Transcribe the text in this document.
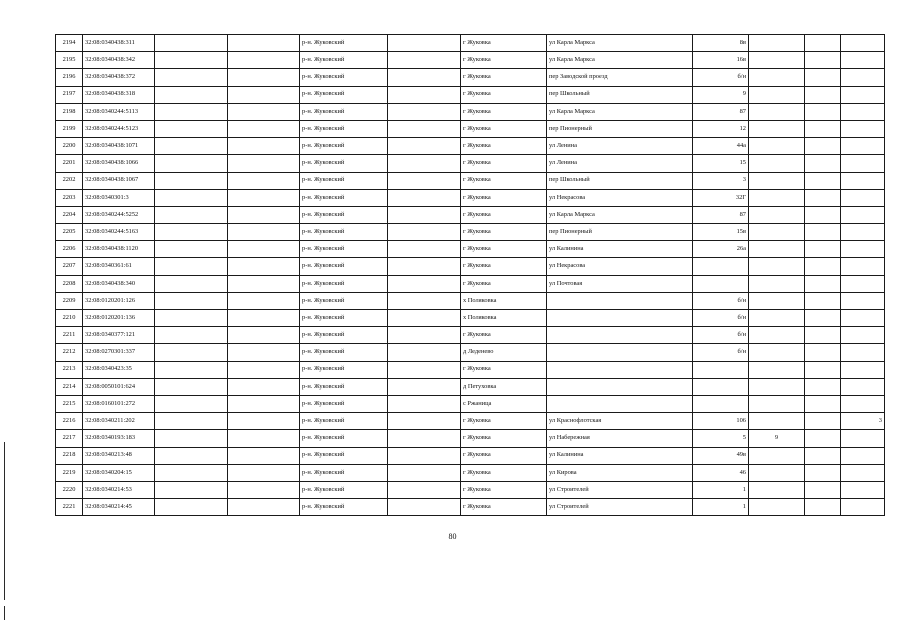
2194	32:08:0340438:311			р-н. Жуковский		г Жуковка	ул Карла Маркса	8в			
2195	32:08:0340438:342			р-н. Жуковский		г Жуковка	ул Карла Маркса	16в			
2196	32:08:0340438:372			р-н. Жуковский		г Жуковка	пер Заводской проезд	б/н			
2197	32:08:0340438:318			р-н. Жуковский		г Жуковка	пер Школьный	9			
2198	32:08:0340244:5113			р-н. Жуковский		г Жуковка	ул Карла Маркса	87			
2199	32:08:0340244:5123			р-н. Жуковский		г Жуковка	пер Пионерный	12			
2200	32:08:0340438:1071			р-н. Жуковский		г Жуковка	ул Ленина	44а			
2201	32:08:0340438:1066			р-н. Жуковский		г Жуковка	ул Ленина	15			
2202	32:08:0340438:1067			р-н. Жуковский		г Жуковка	пер Школьный	3			
2203	32:08:0340301:3			р-н. Жуковский		г Жуковка	ул Некрасова	32Г			
2204	32:08:0340244:5252			р-н. Жуковский		г Жуковка	ул Карла Маркса	87			
2205	32:08:0340244:5163			р-н. Жуковский		г Жуковка	пер Пионерный	15в			
2206	32:08:0340438:1120			р-н. Жуковский		г Жуковка	ул Калинина	26а			
2207	32:08:0340361:61			р-н. Жуковский		г Жуковка	ул Некрасова				
2208	32:08:0340438:340			р-н. Жуковский		г Жуковка	ул Почтовая				
2209	32:08:0120201:126			р-н. Жуковский		х Поляковка		б/н			
2210	32:08:0120201:136			р-н. Жуковский		х Поляковка		б/н			
2211	32:08:0340377:121			р-н. Жуковский		г Жуковка		б/н			
2212	32:08:0270301:337			р-н. Жуковский		д Леденево		б/н			
2213	32:08:0340423:35			р-н. Жуковский		г Жуковка					
2214	32:08:0050101:624			р-н. Жуковский		д Петуховка					
2215	32:08:0160101:272			р-н. Жуковский		с Ржаница					
2216	32:08:0340211:202			р-н. Жуковский		г Жуковка	ул Краснофлотская	106			3
2217	32:08:0340193:183			р-н. Жуковский		г Жуковка	ул Набережная	5	9		
2218	32:08:0340213:48			р-н. Жуковский		г Жуковка	ул Калинина	49в			
2219	32:08:0340204:15			р-н. Жуковский		г Жуковка	ул Кирова	46			
2220	32:08:0340214:53			р-н. Жуковский		г Жуковка	ул Строителей	1			
2221	32:08:0340214:45			р-н. Жуковский		г Жуковка	ул Строителей	1			
80
